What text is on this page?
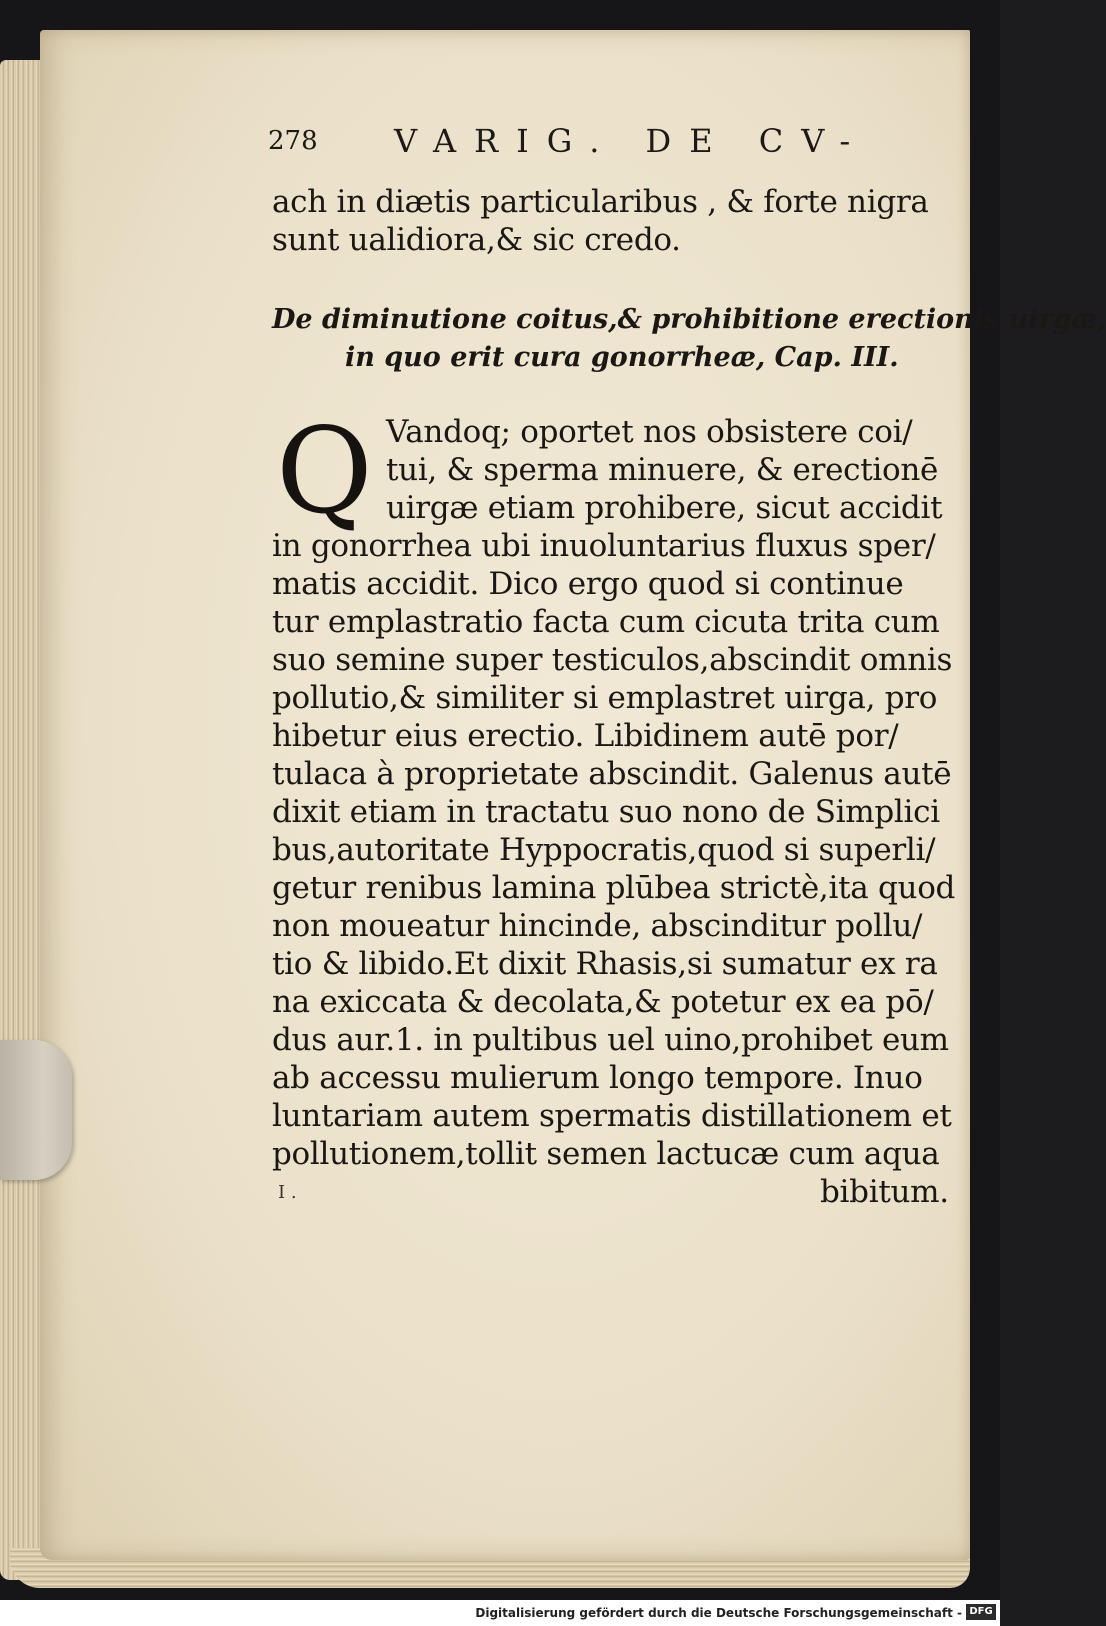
278 VARIG. DE CV-
ach in diætis particularibus , & forte nigra
sunt ualidiora,& sic credo.
De diminutione coitus,& prohibitione erectionis uirgæ,
in quo erit cura gonorrheæ, Cap. III.
Q Vandoq; oportet nos obsistere coi/
tui, & sperma minuere, & erectionē
uirgæ etiam prohibere, sicut accidit
in gonorrhea ubi inuoluntarius fluxus sper/
matis accidit. Dico ergo quod si continue
tur emplastratio facta cum cicuta trita cum
suo semine super testiculos,abscindit omnis
pollutio,& similiter si emplastret uirga, pro
hibetur eius erectio. Libidinem autē por/
tulaca à proprietate abscindit. Galenus autē
dixit etiam in tractatu suo nono de Simplici
bus,autoritate Hyppocratis,quod si superli/
getur renibus lamina plūbea strictè,ita quod
non moueatur hincinde, abscinditur pollu/
tio & libido.Et dixit Rhasis,si sumatur ex ra
na exiccata & decolata,& potetur ex ea pō/
dus aur.1. in pultibus uel uino,prohibet eum
ab accessu mulierum longo tempore. Inuo
luntariam autem spermatis distillationem et
pollutionem,tollit semen lactucæ cum aqua
bibitum.
I .
Digitalisierung gefördert durch die Deutsche Forschungsgemeinschaft - DFG
